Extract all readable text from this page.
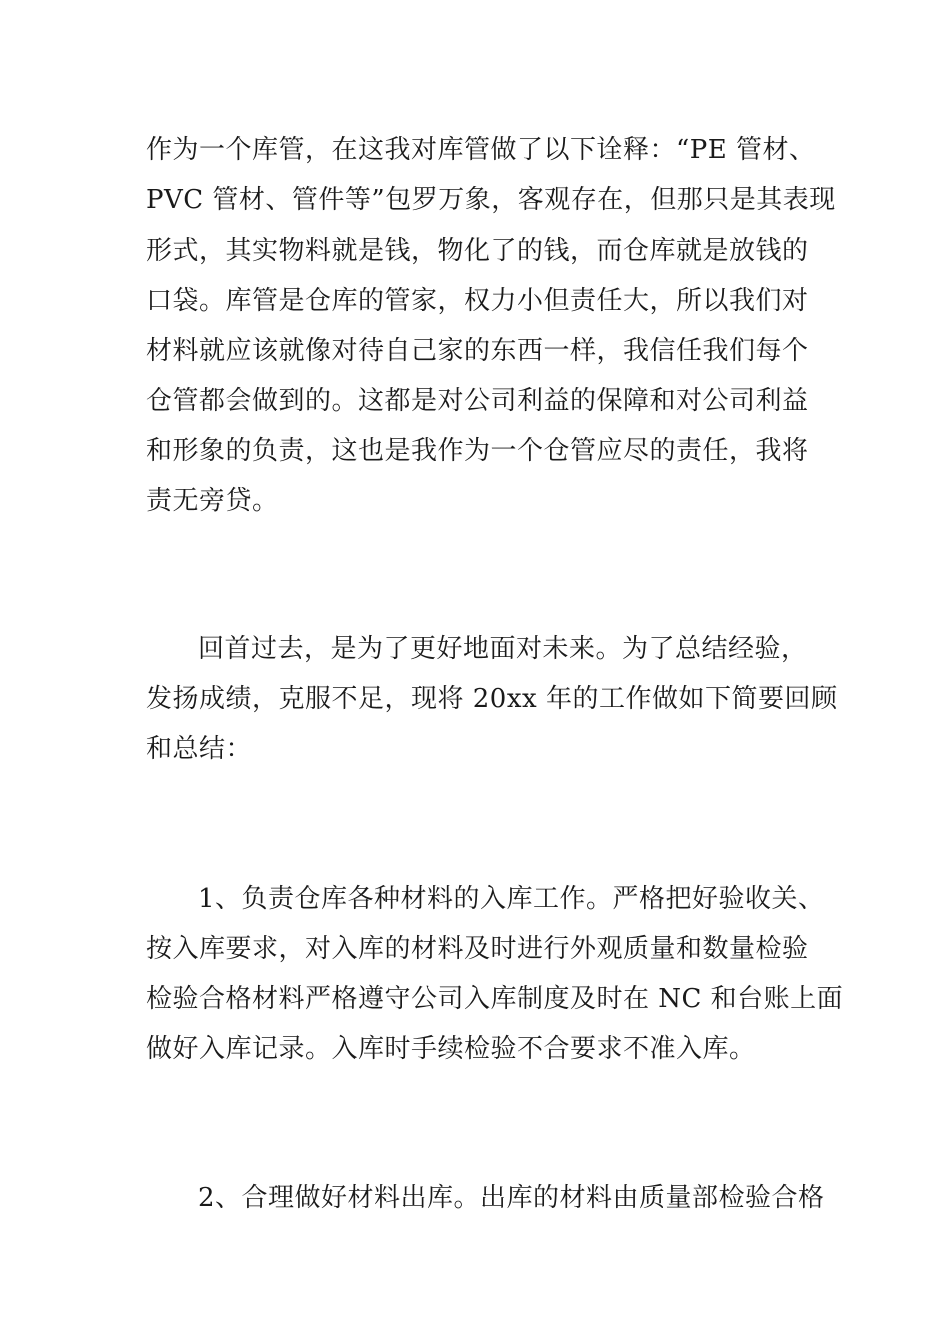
作为一个库管，在这我对库管做了以下诠释：“PE 管材、
PVC 管材、管件等”包罗万象，客观存在，但那只是其表现
形式，其实物料就是钱，物化了的钱，而仓库就是放钱的
口袋。库管是仓库的管家，权力小但责任大，所以我们对
材料就应该就像对待自己家的东西一样，我信任我们每个
仓管都会做到的。这都是对公司利益的保障和对公司利益
和形象的负责，这也是我作为一个仓管应尽的责任，我将
责无旁贷。
回首过去，是为了更好地面对未来。为了总结经验，
发扬成绩，克服不足，现将 20xx 年的工作做如下简要回顾
和总结：
1、负责仓库各种材料的入库工作。严格把好验收关、
按入库要求，对入库的材料及时进行外观质量和数量检验
检验合格材料严格遵守公司入库制度及时在 NC 和台账上面
做好入库记录。入库时手续检验不合要求不准入库。
2、合理做好材料出库。出库的材料由质量部检验合格
